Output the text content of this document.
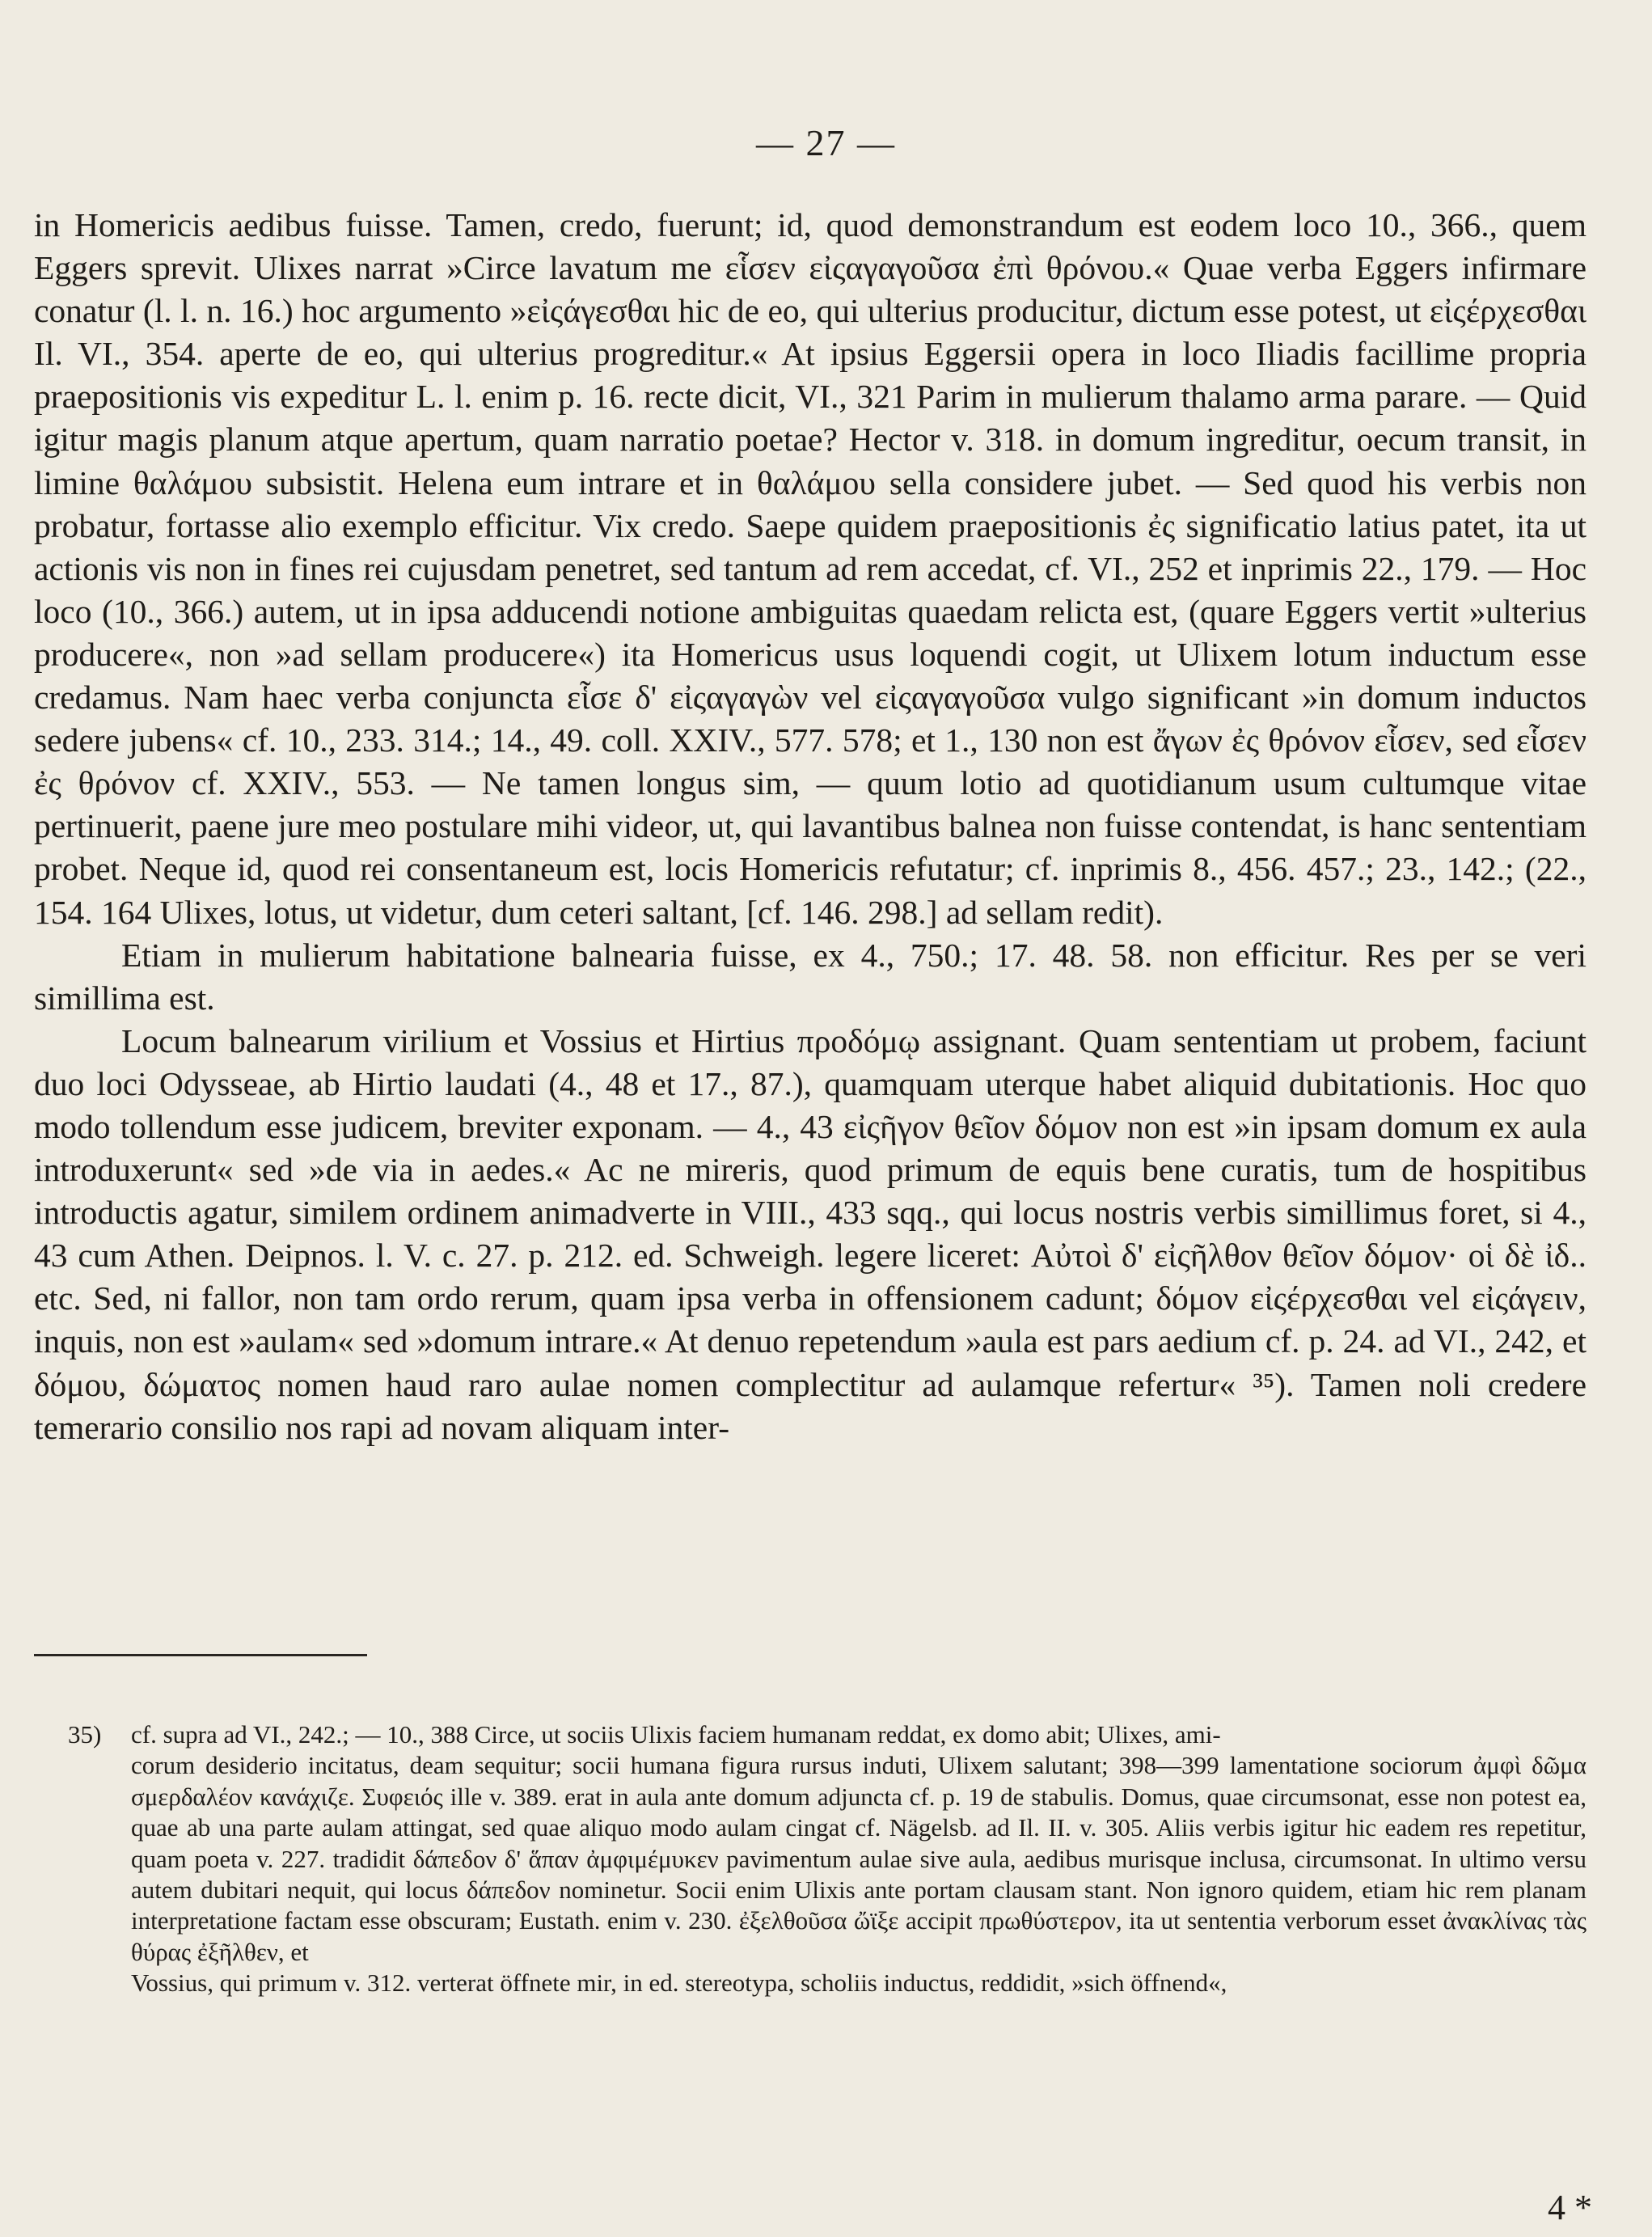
— 27 —

in Homericis aedibus fuisse. Tamen, credo, fuerunt; id, quod demonstrandum est eodem loco 10., 366., quem Eggers sprevit. Ulixes narrat »Circe lavatum me εἷσεν εἰςαγαγοῦσα ἐπὶ θρόνου.« Quae verba Eggers infirmare conatur (l. l. n. 16.) hoc argumento »εἰςάγεσθαι hic de eo, qui ulterius producitur, dictum esse potest, ut εἰςέρχεσθαι Il. VI., 354. aperte de eo, qui ulterius progreditur.« At ipsius Eggersii opera in loco Iliadis facillime propria praepositionis vis expeditur L. l. enim p. 16. recte dicit, VI., 321 Parim in mulierum thalamo arma parare. — Quid igitur magis planum atque apertum, quam narratio poetae? Hector v. 318. in domum ingreditur, oecum transit, in limine θαλάμου subsistit. Helena eum intrare et in θαλάμου sella considere jubet. — Sed quod his verbis non probatur, fortasse alio exemplo efficitur. Vix credo. Saepe quidem praepositionis ἐς significatio latius patet, ita ut actionis vis non in fines rei cujusdam penetret, sed tantum ad rem accedat, cf. VI., 252 et inprimis 22., 179. — Hoc loco (10., 366.) autem, ut in ipsa adducendi notione ambiguitas quaedam relicta est, (quare Eggers vertit »ulterius producere«, non »ad sellam producere«) ita Homericus usus loquendi cogit, ut Ulixem lotum inductum esse credamus. Nam haec verba conjuncta εἷσε δ' εἰςαγαγὼν vel εἰςαγαγοῦσα vulgo significant »in domum inductos sedere jubens« cf. 10., 233. 314.; 14., 49. coll. XXIV., 577. 578; et 1., 130 non est ἄγων ἐς θρόνον εἷσεν, sed εἷσεν ἐς θρόνον cf. XXIV., 553. — Ne tamen longus sim, — quum lotio ad quotidianum usum cultumque vitae pertinuerit, paene jure meo postulare mihi videor, ut, qui lavantibus balnea non fuisse contendat, is hanc sententiam probet. Neque id, quod rei consentaneum est, locis Homericis refutatur; cf. inprimis 8., 456. 457.; 23., 142.; (22., 154. 164 Ulixes, lotus, ut videtur, dum ceteri saltant, [cf. 146. 298.] ad sellam redit).

Etiam in mulierum habitatione balnearia fuisse, ex 4., 750.; 17. 48. 58. non efficitur. Res per se veri simillima est.

Locum balnearum virilium et Vossius et Hirtius προδόμῳ assignant. Quam sententiam ut probem, faciunt duo loci Odysseae, ab Hirtio laudati (4., 48 et 17., 87.), quamquam uterque habet aliquid dubitationis. Hoc quo modo tollendum esse judicem, breviter exponam. — 4., 43 εἰςῆγον θεῖον δόμον non est »in ipsam domum ex aula introduxerunt« sed »de via in aedes.« Ac ne mireris, quod primum de equis bene curatis, tum de hospitibus introductis agatur, similem ordinem animadverte in VIII., 433 sqq., qui locus nostris verbis simillimus foret, si 4., 43 cum Athen. Deipnos. l. V. c. 27. p. 212. ed. Schweigh. legere liceret: Αὐτοὶ δ' εἰςῆλθον θεῖον δόμον· οἱ δὲ ἰδ.. etc. Sed, ni fallor, non tam ordo rerum, quam ipsa verba in offensionem cadunt; δόμον εἰςέρχεσθαι vel εἰςάγειν, inquis, non est »aulam« sed »domum intrare.« At denuo repetendum »aula est pars aedium cf. p. 24. ad VI., 242, et δόμου, δώματος nomen haud raro aulae nomen complectitur ad aulamque refertur« ³⁵). Tamen noli credere temerario consilio nos rapi ad novam aliquam inter-

35) cf. supra ad VI., 242.; — 10., 388 Circe, ut sociis Ulixis faciem humanam reddat, ex domo abit; Ulixes, ami-
corum desiderio incitatus, deam sequitur; socii humana figura rursus induti, Ulixem salutant; 398—399 lamentatione sociorum ἀμφὶ δῶμα σμερδαλέον κανάχιζε. Συφειός ille v. 389. erat in aula ante domum adjuncta cf. p. 19 de stabulis. Domus, quae circumsonat, esse non potest ea, quae ab una parte aulam attingat, sed quae aliquo modo aulam cingat cf. Nägelsb. ad Il. II. v. 305. Aliis verbis igitur hic eadem res repetitur, quam poeta v. 227. tradidit δάπεδον δ' ἅπαν ἀμφιμέμυκεν pavimentum aulae sive aula, aedibus murisque inclusa, circumsonat. In ultimo versu autem dubitari nequit, qui locus δάπεδον nominetur. Socii enim Ulixis ante portam clausam stant. Non ignoro quidem, etiam hic rem planam interpretatione factam esse obscuram; Eustath. enim v. 230. ἐξελθοῦσα ὤϊξε accipit πρωθύστερον, ita ut sententia verborum esset ἀνακλίνας τὰς θύρας ἐξῆλθεν, et
Vossius, qui primum v. 312. verterat öffnete mir, in ed. stereotypa, scholiis inductus, reddidit, »sich öffnend«,
4 *
